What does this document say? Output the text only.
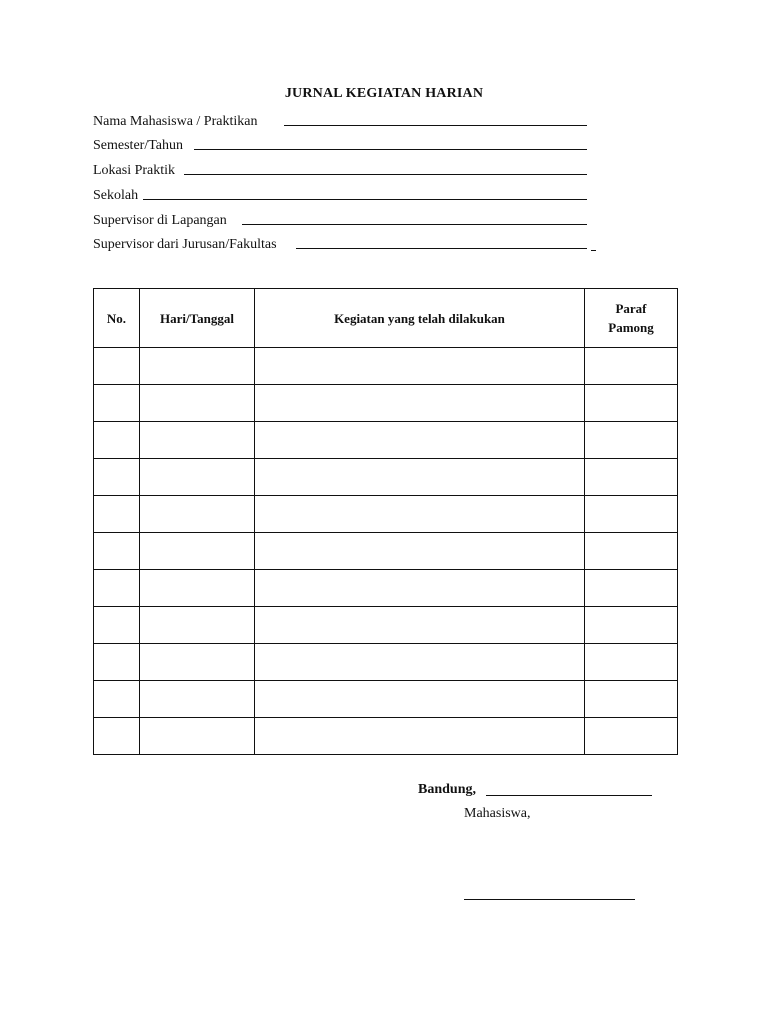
JURNAL KEGIATAN HARIAN
Nama Mahasiswa / Praktikan
Semester/Tahun
Lokasi Praktik
Sekolah
Supervisor di Lapangan
Supervisor dari Jurusan/Fakultas
No.	Hari/Tanggal	Kegiatan yang telah dilakukan	Paraf
Pamong

Bandung,
Mahasiswa,
